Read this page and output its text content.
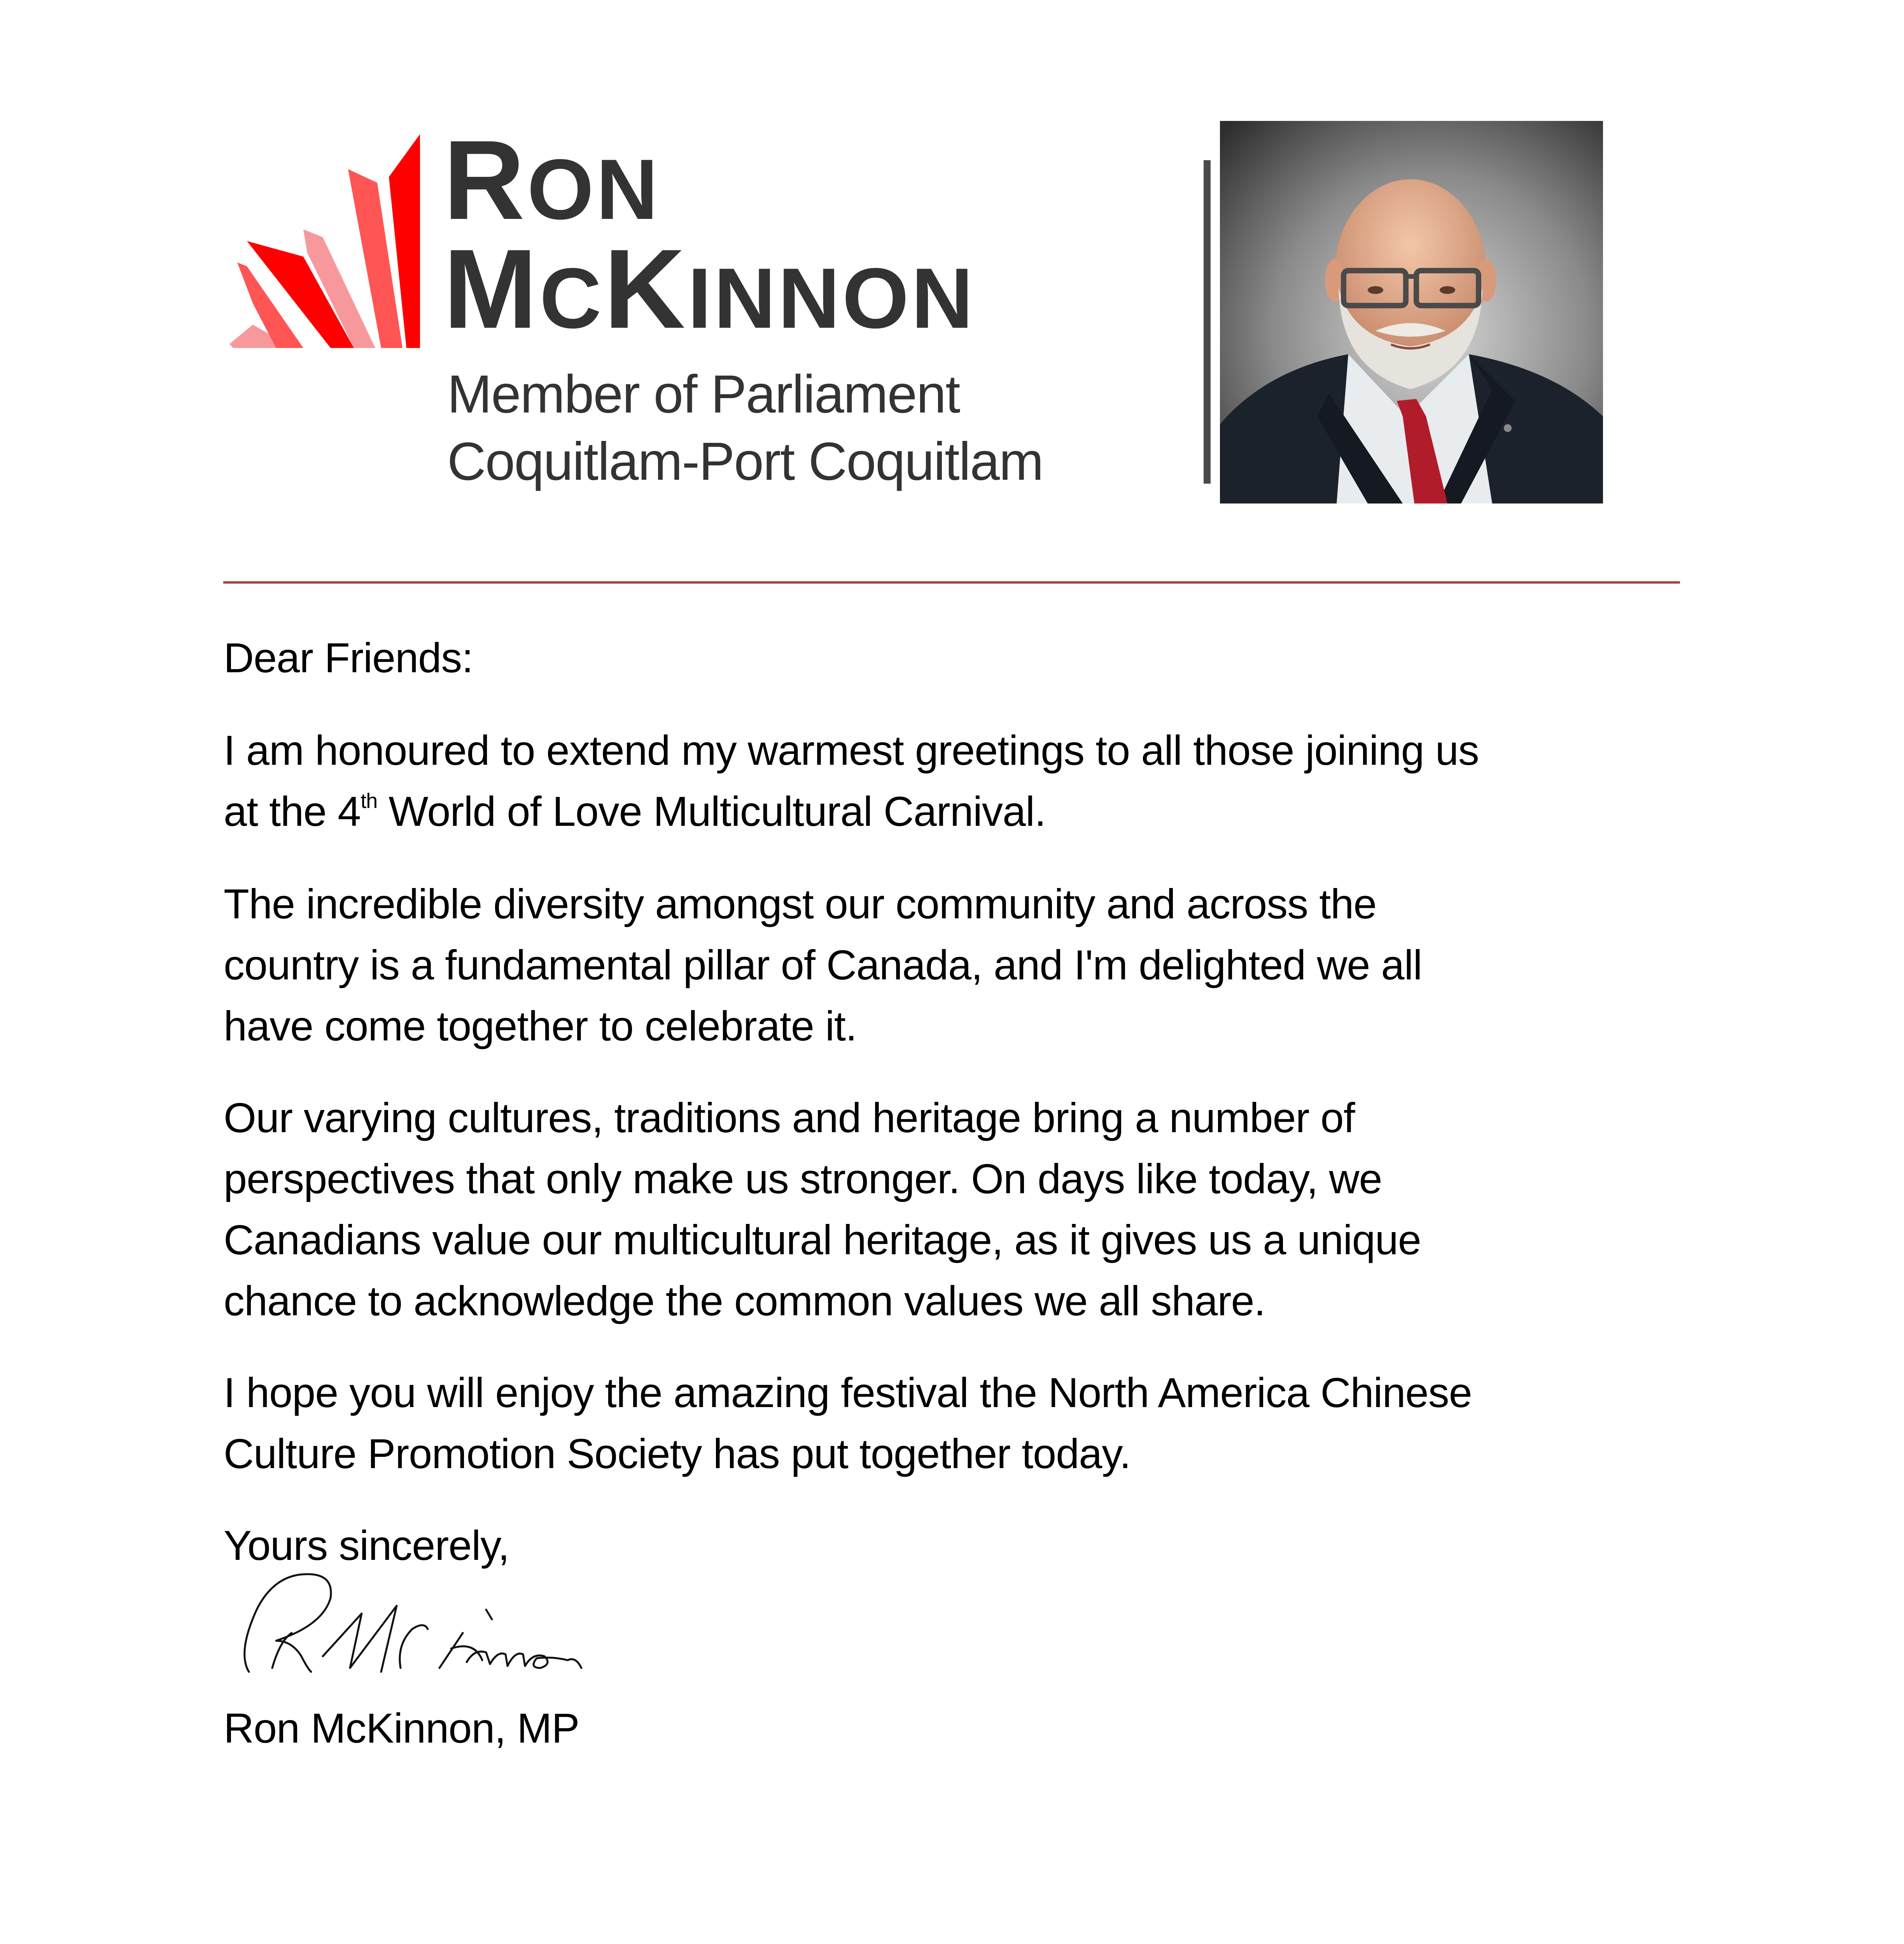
RON
MCKINNON
Member of Parliament
Coquitlam-Port Coquitlam
Dear Friends:
I am honoured to extend my warmest greetings to all those joining us
at the 4th World of Love Multicultural Carnival.
The incredible diversity amongst our community and across the
country is a fundamental pillar of Canada, and I'm delighted we all
have come together to celebrate it.
Our varying cultures, traditions and heritage bring a number of
perspectives that only make us stronger. On days like today, we
Canadians value our multicultural heritage, as it gives us a unique
chance to acknowledge the common values we all share.
I hope you will enjoy the amazing festival the North America Chinese
Culture Promotion Society has put together today.
Yours sincerely,
Ron McKinnon, MP
